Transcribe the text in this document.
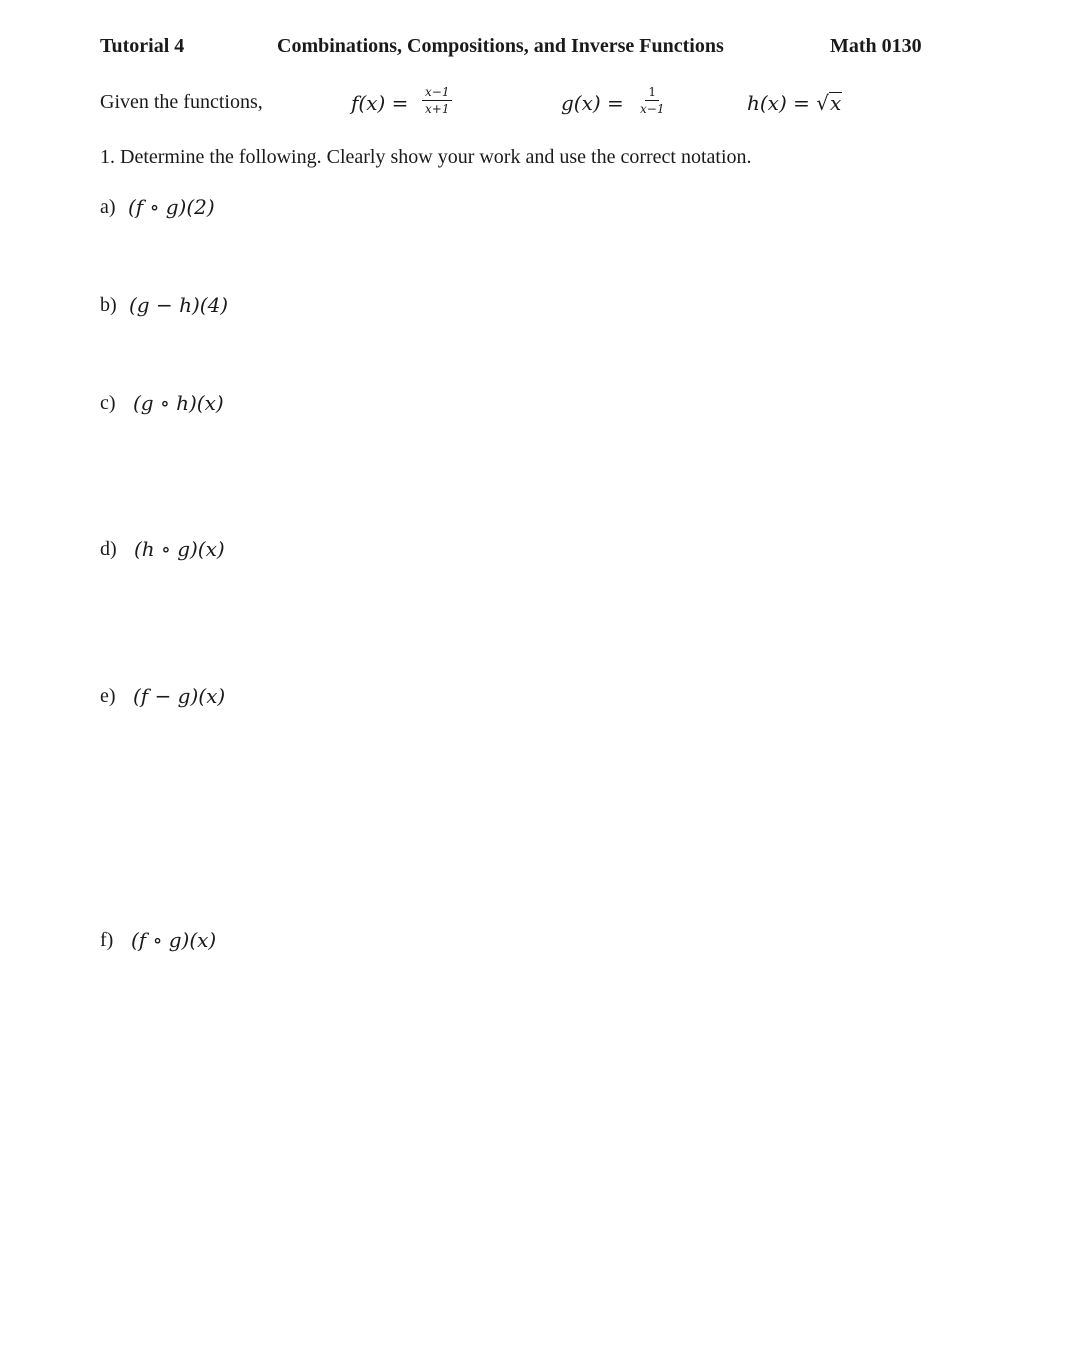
Tutorial 4	Combinations, Compositions, and Inverse Functions	Math 0130
Given the functions,	$f(x) = \frac{x-1}{x+1}$	$g(x) = \frac{1}{x-1}$	h(x) = √x
1. Determine the following. Clearly show your work and use the correct notation.
a) (f ∘ g)(2)
b) (g − h)(4)
c) (g ∘ h)(x)
d) (h ∘ g)(x)
e) (f − g)(x)
f) (f ∘ g)(x)
